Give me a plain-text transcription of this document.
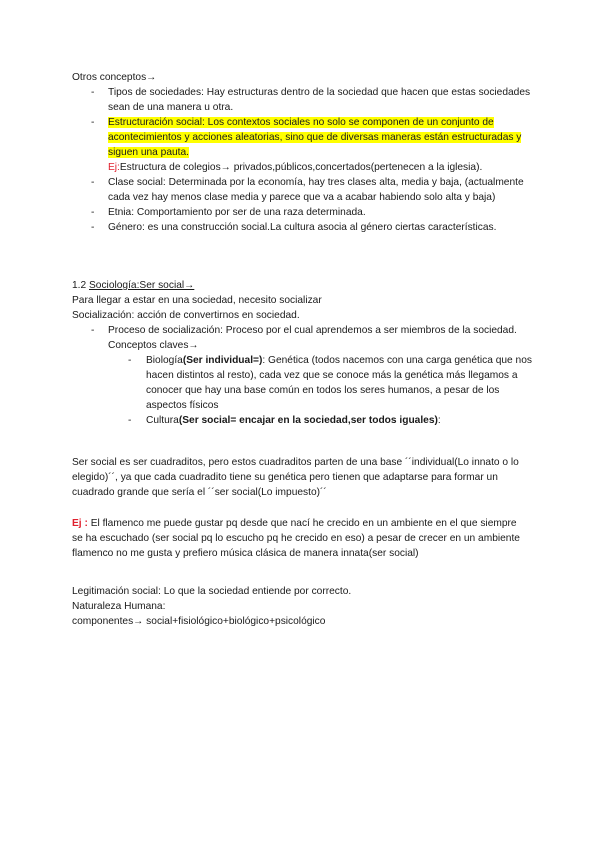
Otros conceptos→

- Tipos de sociedades: Hay estructuras dentro de la sociedad que hacen que estas sociedades sean de una manera u otra.
- Estructuración social: Los contextos sociales no solo se componen de un conjunto de acontecimientos y acciones aleatorias, sino que de diversas maneras están estructuradas y siguen una pauta.
Ej:Estructura de colegios→ privados,públicos,concertados(pertenecen a la iglesia).
- Clase social: Determinada por la economía, hay tres clases alta, media y baja, (actualmente cada vez hay menos clase media y parece que va a acabar habiendo solo alta y baja)
- Etnia: Comportamiento por ser de una raza determinada.
- Género: es una construcción social.La cultura asocia al género ciertas características.

1.2 Sociología:Ser social→

Para llegar a estar en una sociedad, necesito socializar

Socialización: acción de convertirnos en sociedad.

- Proceso de socialización: Proceso por el cual aprendemos a ser miembros de la sociedad.
Conceptos claves→
- Biología(Ser individual=): Genética (todos nacemos con una carga genética que nos hacen distintos al resto), cada vez que se conoce más la genética más llegamos a conocer que hay una base común en todos los seres humanos, a pesar de los aspectos físicos
- Cultura(Ser social= encajar en la sociedad,ser todos iguales):

Ser social es ser cuadraditos, pero estos cuadraditos parten de una base ´´individual(Lo innato o lo elegido)´´, ya que cada cuadradito tiene su genética pero tienen que adaptarse para formar un cuadrado grande que sería el ´´ser social(Lo impuesto)´´

Ej : El flamenco me puede gustar pq desde que nací he crecido en un ambiente en el que siempre se ha escuchado (ser social pq lo escucho pq he crecido en eso) a pesar de crecer en un ambiente flamenco no me gusta y prefiero música clásica de manera innata(ser social)

Legitimación social: Lo que la sociedad entiende por correcto.

Naturaleza Humana:

componentes→ social+fisiológico+biológico+psicológico
